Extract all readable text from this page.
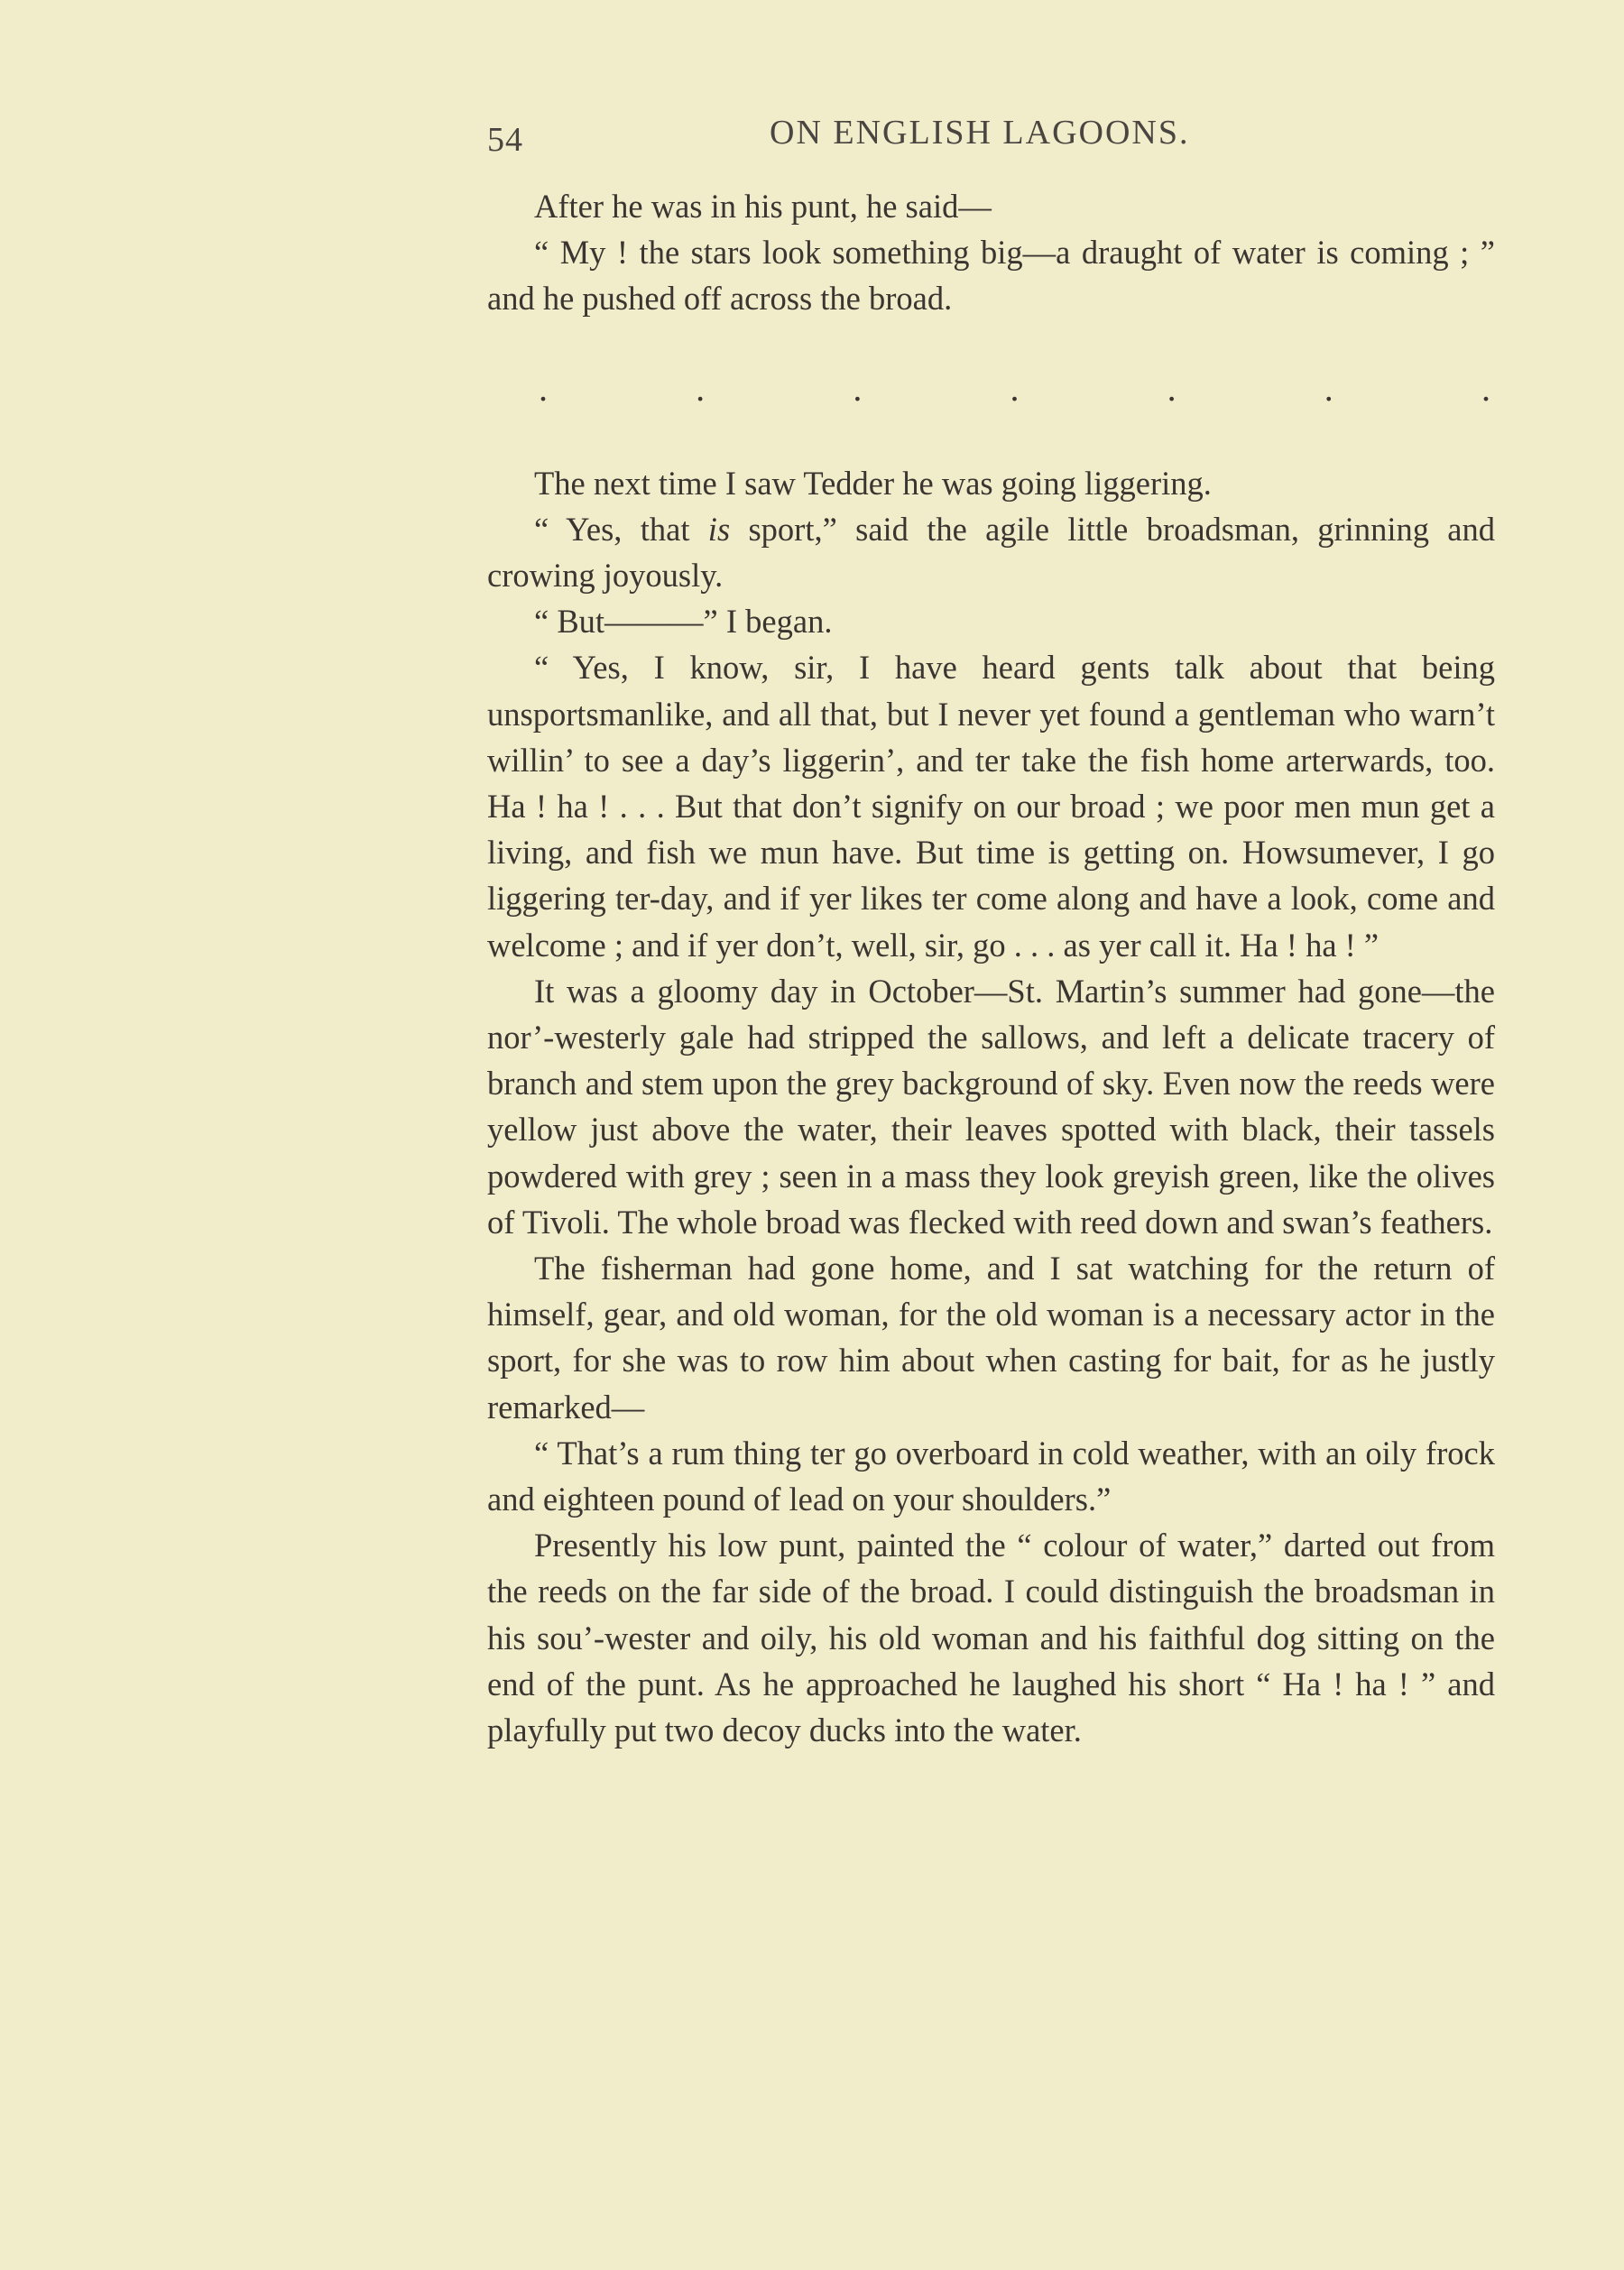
54	ON ENGLISH LAGOONS.

After he was in his punt, he said—

“ My ! the stars look something big—a draught of water is coming ; ” and he pushed off across the broad.

.	.	.	.	.	.	.

The next time I saw Tedder he was going liggering.

“ Yes, that is sport,” said the agile little broadsman, grinning and crowing joyously.

“ But———” I began.

“ Yes, I know, sir, I have heard gents talk about that being unsportsmanlike, and all that, but I never yet found a gentleman who warn’t willin’ to see a day’s liggerin’, and ter take the fish home arterwards, too. Ha ! ha ! . . . But that don’t signify on our broad ; we poor men mun get a living, and fish we mun have. But time is getting on. Howsumever, I go liggering ter-day, and if yer likes ter come along and have a look, come and welcome ; and if yer don’t, well, sir, go . . . as yer call it. Ha ! ha ! ”

It was a gloomy day in October—St. Martin’s summer had gone—the nor’-westerly gale had stripped the sallows, and left a delicate tracery of branch and stem upon the grey background of sky. Even now the reeds were yellow just above the water, their leaves spotted with black, their tassels powdered with grey ; seen in a mass they look greyish green, like the olives of Tivoli. The whole broad was flecked with reed down and swan’s feathers.

The fisherman had gone home, and I sat watching for the return of himself, gear, and old woman, for the old woman is a necessary actor in the sport, for she was to row him about when casting for bait, for as he justly remarked—

“ That’s a rum thing ter go overboard in cold weather, with an oily frock and eighteen pound of lead on your shoulders.”

Presently his low punt, painted the “ colour of water,” darted out from the reeds on the far side of the broad. I could distinguish the broadsman in his sou’-wester and oily, his old woman and his faithful dog sitting on the end of the punt. As he approached he laughed his short “ Ha ! ha ! ” and playfully put two decoy ducks into the water.
